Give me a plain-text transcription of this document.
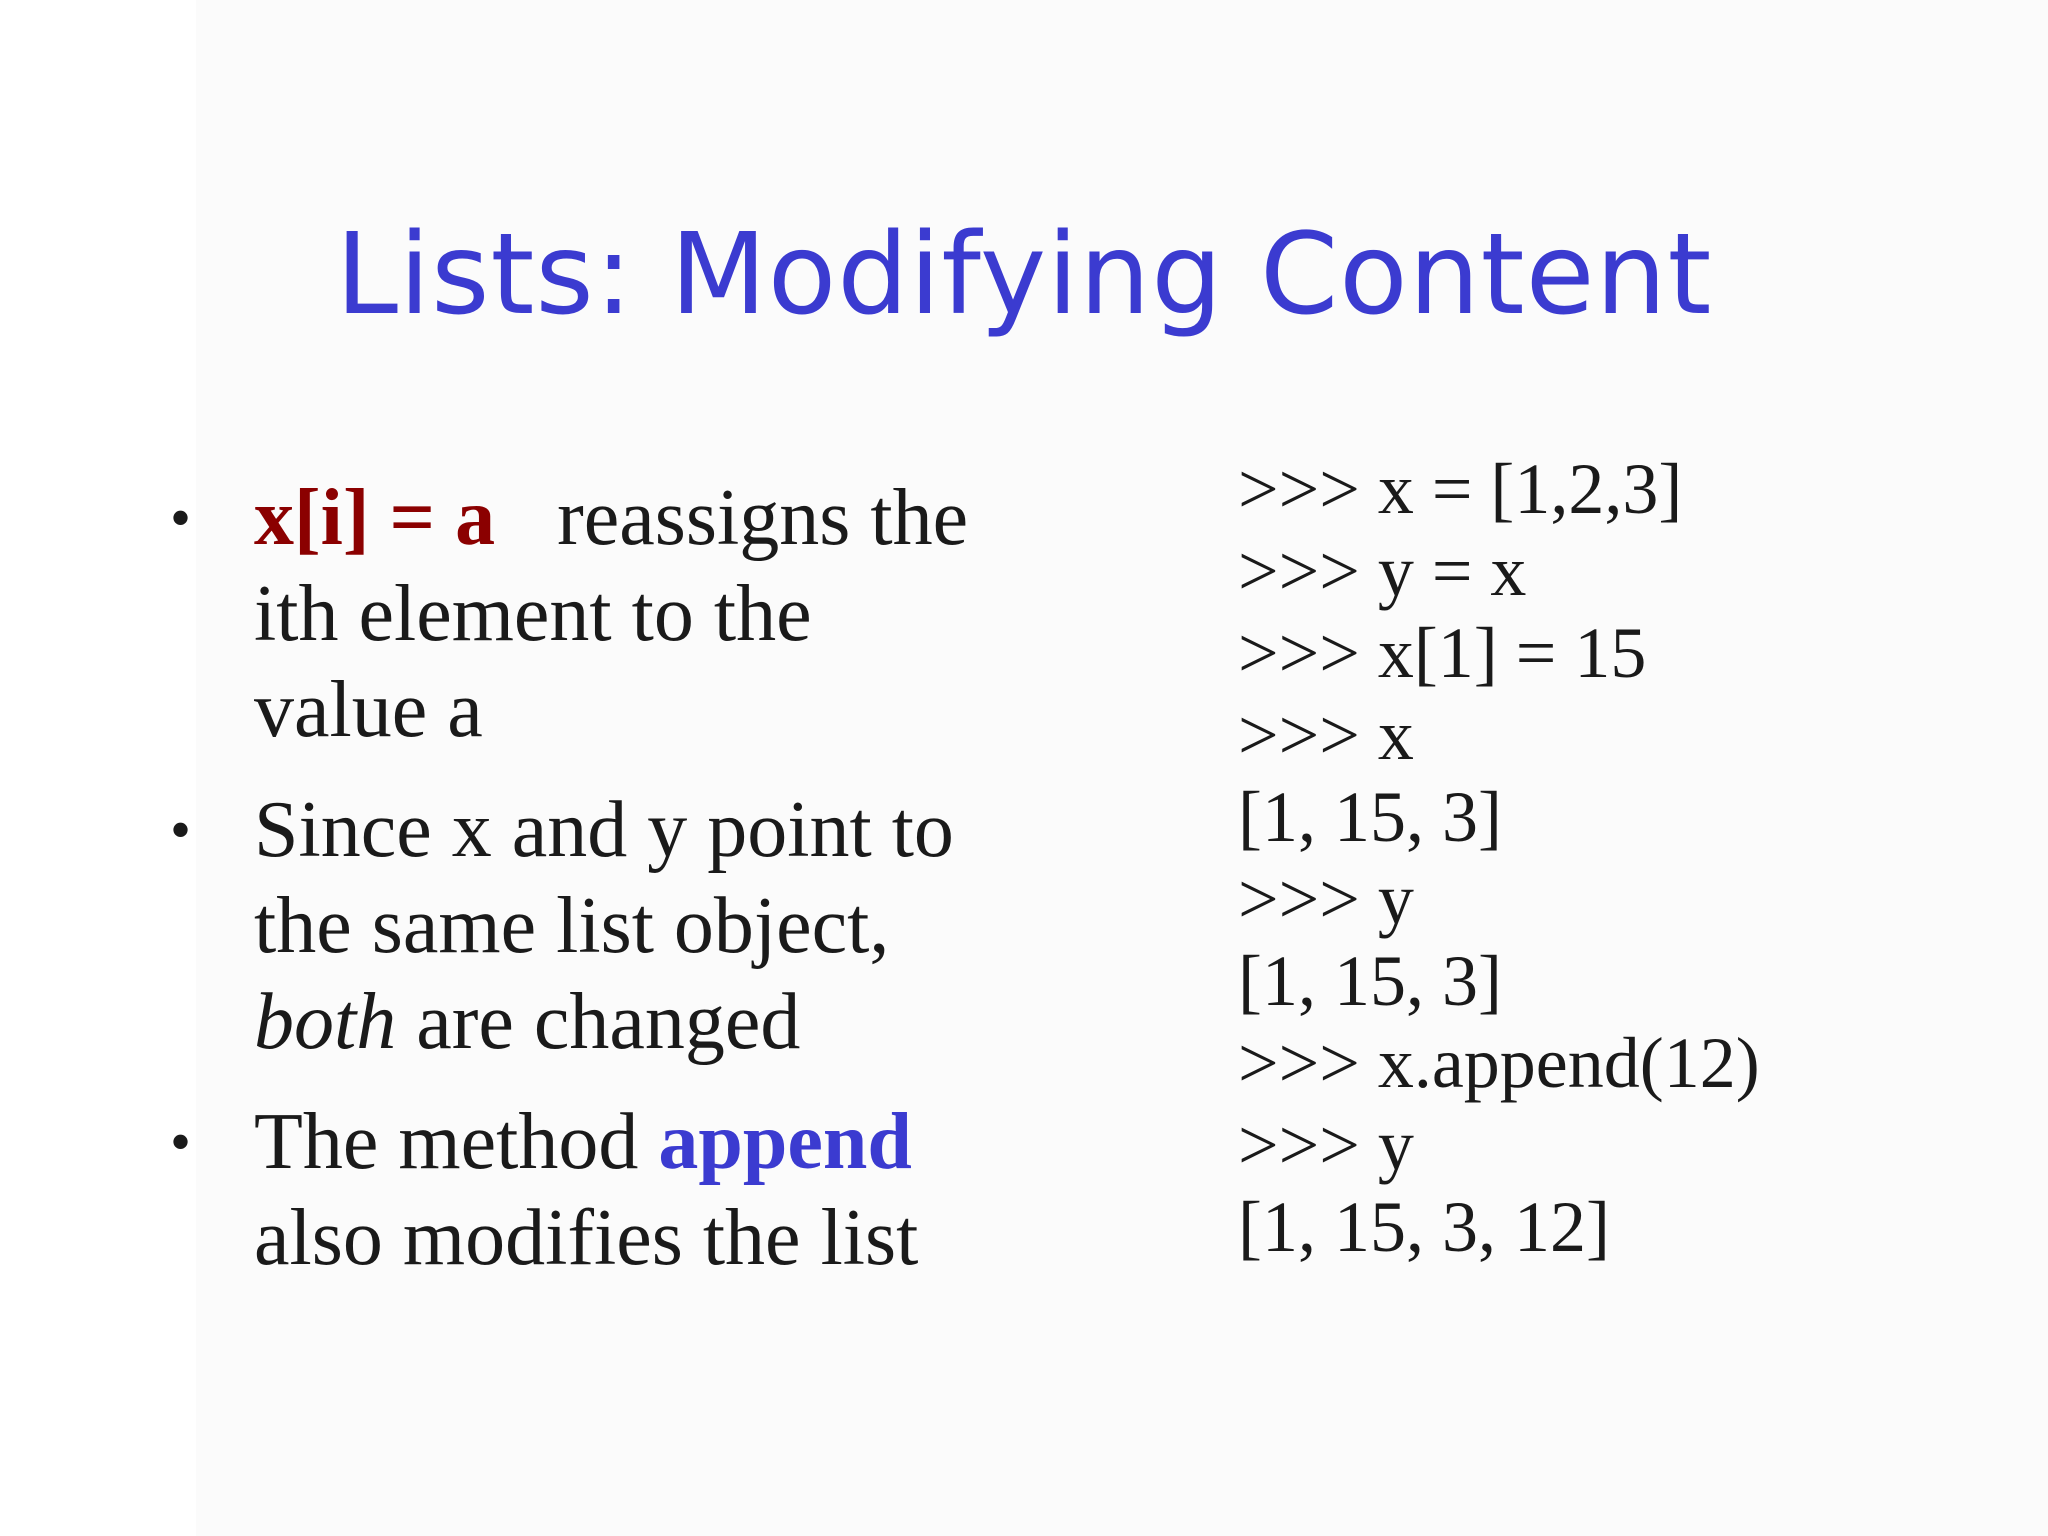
Lists: Modifying Content
• x[i] = a reassigns the
ith element to the
value a
• Since x and y point to
the same list object,
both are changed
• The method append
also modifies the list
>>> x = [1,2,3]
>>> y = x
>>> x[1] = 15
>>> x
[1, 15, 3]
>>> y
[1, 15, 3]
>>> x.append(12)
>>> y
[1, 15, 3, 12]
